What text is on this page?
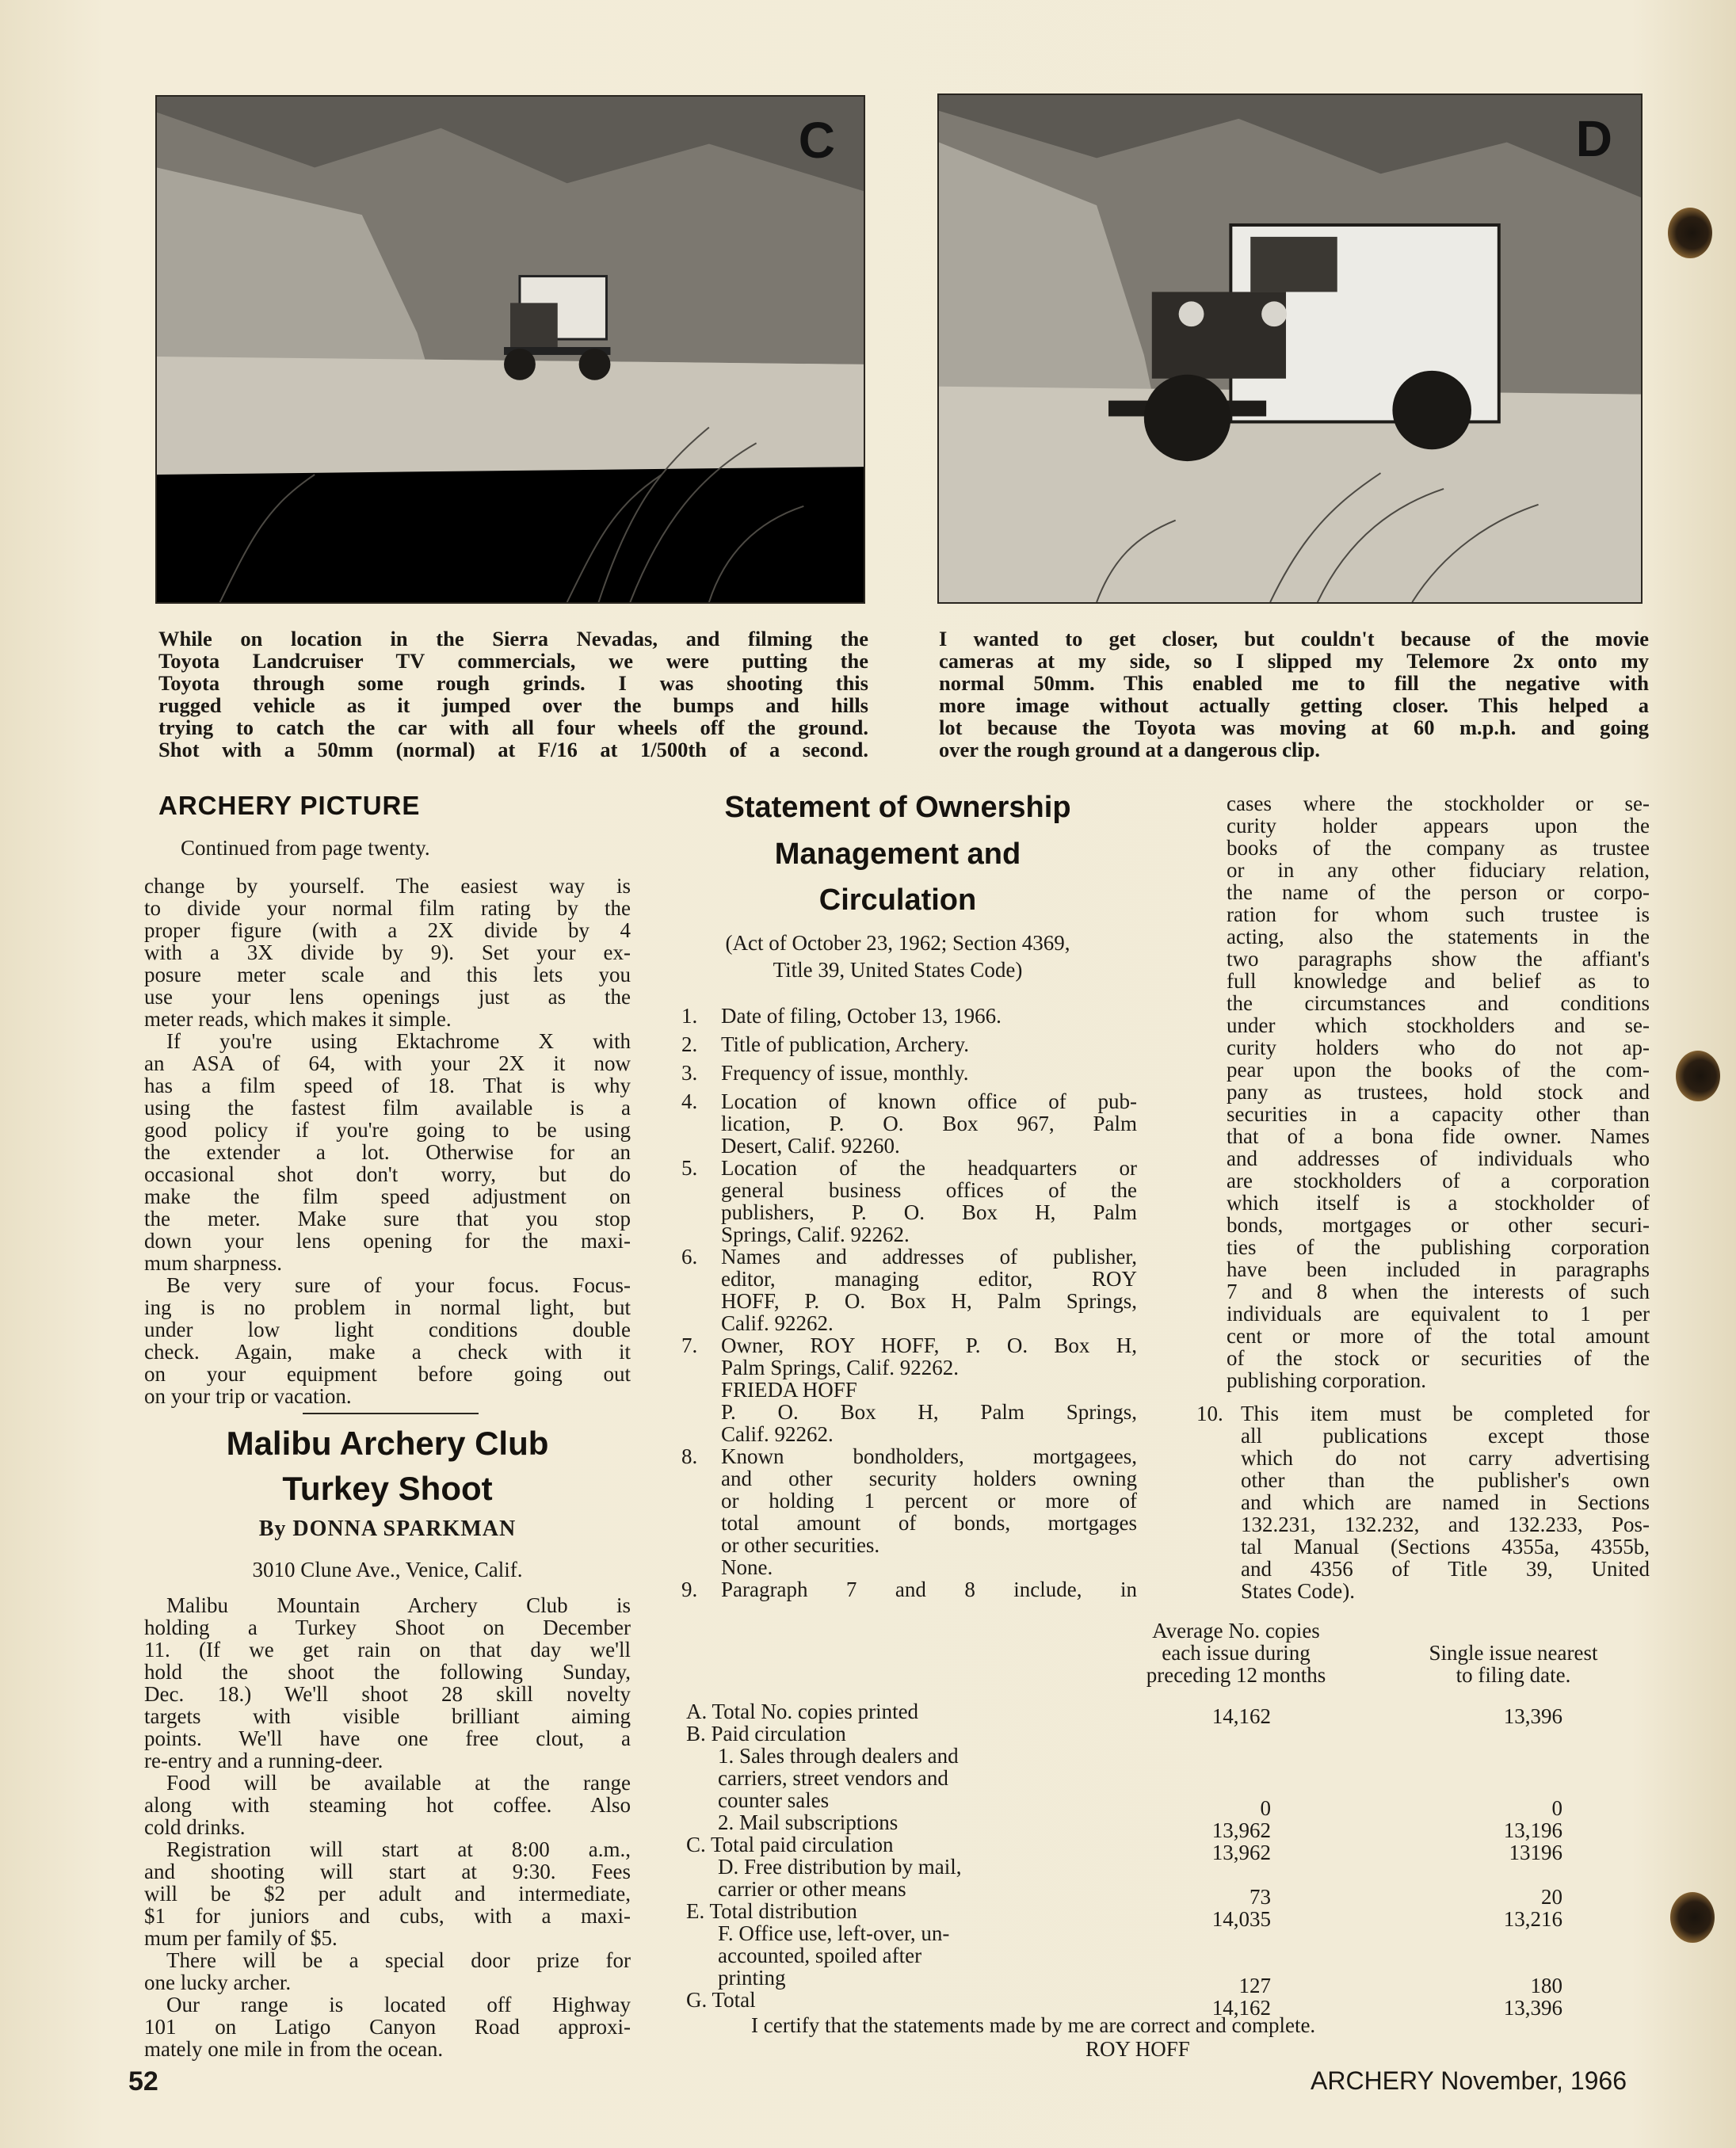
C	D
While on location in the Sierra Nevadas, and filming the
Toyota Landcruiser TV commercials, we were putting the
Toyota through some rough grinds. I was shooting this
rugged vehicle as it jumped over the bumps and hills
trying to catch the car with all four wheels off the ground.
Shot with a 50mm (normal) at F/16 at 1/500th of a second.
I wanted to get closer, but couldn't because of the movie
cameras at my side, so I slipped my Telemore 2x onto my
normal 50mm. This enabled me to fill the negative with
more image without actually getting closer. This helped a
lot because the Toyota was moving at 60 m.p.h. and going
over the rough ground at a dangerous clip.
ARCHERY PICTURE
Continued from page twenty.
change by yourself. The easiest way is
to divide your normal film rating by the
proper figure (with a 2X divide by 4
with a 3X divide by 9). Set your ex-
posure meter scale and this lets you
use your lens openings just as the
meter reads, which makes it simple.
If you're using Ektachrome X with
an ASA of 64, with your 2X it now
has a film speed of 18. That is why
using the fastest film available is a
good policy if you're going to be using
the extender a lot. Otherwise for an
occasional shot don't worry, but do
make the film speed adjustment on
the meter. Make sure that you stop
down your lens opening for the maxi-
mum sharpness.
Be very sure of your focus. Focus-
ing is no problem in normal light, but
under low light conditions double
check. Again, make a check with it
on your equipment before going out
on your trip or vacation.
Malibu Archery Club
Turkey Shoot
By DONNA SPARKMAN
3010 Clune Ave., Venice, Calif.
Malibu Mountain Archery Club is
holding a Turkey Shoot on December
11. (If we get rain on that day we'll
hold the shoot the following Sunday,
Dec. 18.) We'll shoot 28 skill novelty
targets with visible brilliant aiming
points. We'll have one free clout, a
re-entry and a running-deer.
Food will be available at the range
along with steaming hot coffee. Also
cold drinks.
Registration will start at 8:00 a.m.,
and shooting will start at 9:30. Fees
will be $2 per adult and intermediate,
$1 for juniors and cubs, with a maxi-
mum per family of $5.
There will be a special door prize for
one lucky archer.
Our range is located off Highway
101 on Latigo Canyon Road approxi-
mately one mile in from the ocean.
Statement of Ownership
Management and
Circulation
(Act of October 23, 1962; Section 4369,
Title 39, United States Code)
1. Date of filing, October 13, 1966.
2. Title of publication, Archery.
3. Frequency of issue, monthly.
4. Location of known office of pub-
lication, P. O. Box 967, Palm
Desert, Calif. 92260.
5. Location of the headquarters or
general business offices of the
publishers, P. O. Box H, Palm
Springs, Calif. 92262.
6. Names and addresses of publisher,
editor, managing editor, ROY
HOFF, P. O. Box H, Palm Springs,
Calif. 92262.
7. Owner, ROY HOFF, P. O. Box H,
Palm Springs, Calif. 92262.
FRIEDA HOFF
P. O. Box H, Palm Springs,
Calif. 92262.
8. Known bondholders, mortgagees,
and other security holders owning
or holding 1 percent or more of
total amount of bonds, mortgages
or other securities.
None.
9. Paragraph 7 and 8 include, in
cases where the stockholder or se-
curity holder appears upon the
books of the company as trustee
or in any other fiduciary relation,
the name of the person or corpo-
ration for whom such trustee is
acting, also the statements in the
two paragraphs show the affiant's
full knowledge and belief as to
the circumstances and conditions
under which stockholders and se-
curity holders who do not ap-
pear upon the books of the com-
pany as trustees, hold stock and
securities in a capacity other than
that of a bona fide owner. Names
and addresses of individuals who
are stockholders of a corporation
which itself is a stockholder of
bonds, mortgages or other securi-
ties of the publishing corporation
have been included in paragraphs
7 and 8 when the interests of such
individuals are equivalent to 1 per
cent or more of the total amount
of the stock or securities of the
publishing corporation.
10. This item must be completed for
all publications except those
which do not carry advertising
other than the publisher's own
and which are named in Sections
132.231, 132.232, and 132.233, Pos-
tal Manual (Sections 4355a, 4355b,
and 4356 of Title 39, United
States Code).
Average No. copies
each issue during
preceding 12 months
Single issue nearest
to filing date.
A. Total No. copies printed	14,162	13,396
B. Paid circulation
1. Sales through dealers and
carriers, street vendors and
counter sales	0	0
2. Mail subscriptions	13,962	13,196
C. Total paid circulation	13,962	13196
D. Free distribution by mail,
carrier or other means	73	20
E. Total distribution	14,035	13,216
F. Office use, left-over, un-
accounted, spoiled after
printing	127	180
G. Total	14,162	13,396
I certify that the statements made by me are correct and complete.
ROY HOFF
52	ARCHERY November, 1966
